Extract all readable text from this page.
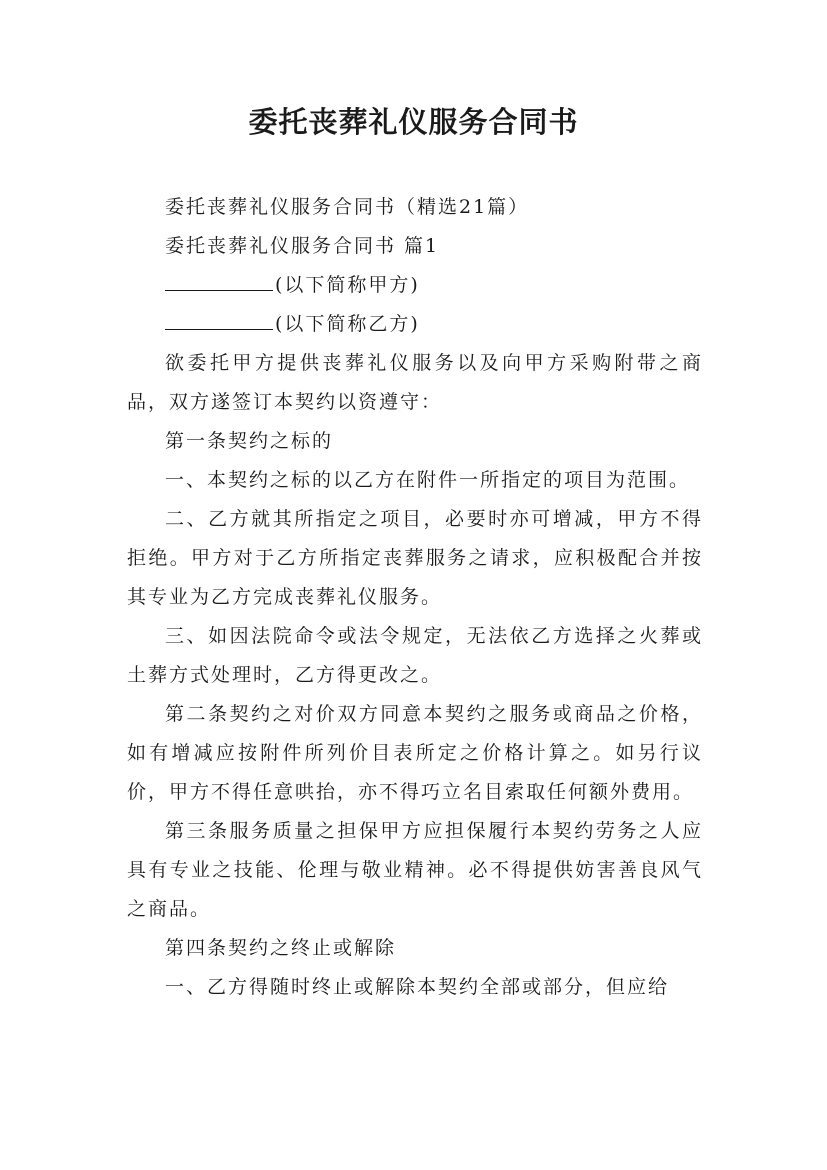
委托丧葬礼仪服务合同书

委托丧葬礼仪服务合同书（精选21篇）

委托丧葬礼仪服务合同书 篇1

(以下简称甲方)

(以下简称乙方)

欲委托甲方提供丧葬礼仪服务以及向甲方采购附带之商品，双方遂签订本契约以资遵守：

第一条契约之标的

一、本契约之标的以乙方在附件一所指定的项目为范围。

二、乙方就其所指定之项目，必要时亦可增减，甲方不得拒绝。甲方对于乙方所指定丧葬服务之请求，应积极配合并按其专业为乙方完成丧葬礼仪服务。

三、如因法院命令或法令规定，无法依乙方选择之火葬或土葬方式处理时，乙方得更改之。

第二条契约之对价双方同意本契约之服务或商品之价格，如有增减应按附件所列价目表所定之价格计算之。如另行议价，甲方不得任意哄抬，亦不得巧立名目索取任何额外费用。

第三条服务质量之担保甲方应担保履行本契约劳务之人应具有专业之技能、伦理与敬业精神。必不得提供妨害善良风气之商品。

第四条契约之终止或解除

一、乙方得随时终止或解除本契约全部或部分，但应给
